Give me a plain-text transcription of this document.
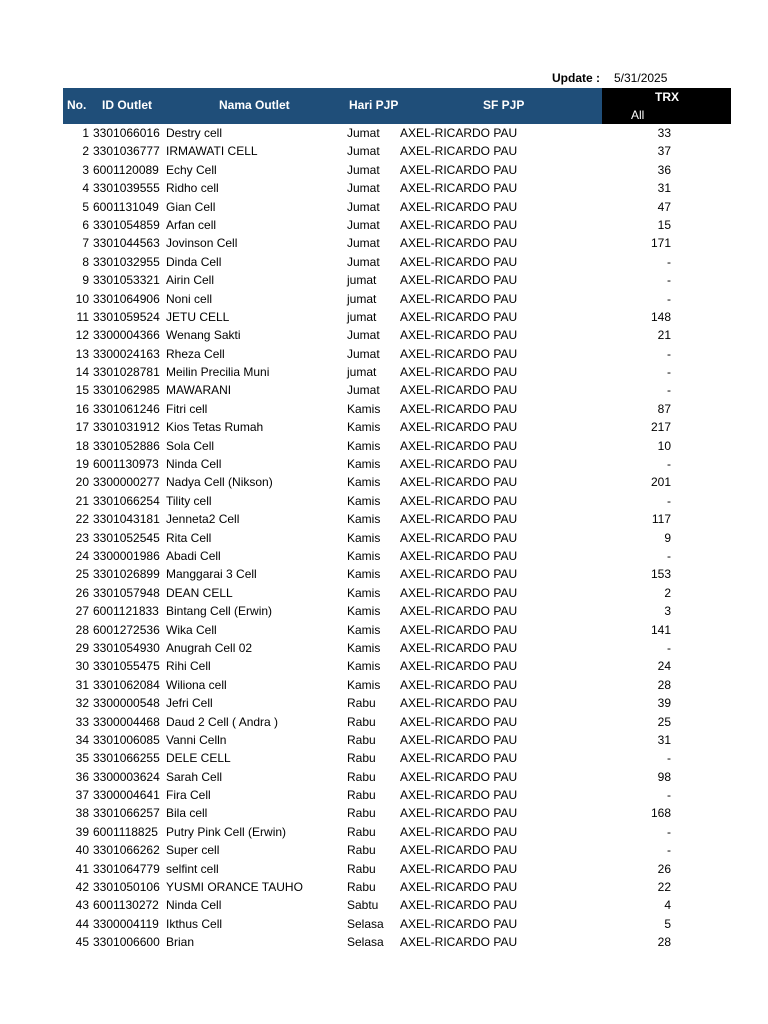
Update : 5/31/2025
No. ID Outlet	Nama Outlet	Hari PJP	SF PJP
TRX
All
1 3301066016 Destry cell	Jumat AXEL-RICARDO PAU	33
2 3301036777 IRMAWATI CELL	Jumat AXEL-RICARDO PAU	37
3 6001120089 Echy Cell	Jumat AXEL-RICARDO PAU	36
4 3301039555 Ridho cell	Jumat AXEL-RICARDO PAU	31
5 6001131049 Gian Cell	Jumat AXEL-RICARDO PAU	47
6 3301054859 Arfan cell	Jumat AXEL-RICARDO PAU	15
7 3301044563 Jovinson Cell	Jumat AXEL-RICARDO PAU	171
8 3301032955 Dinda Cell	Jumat AXEL-RICARDO PAU	-
9 3301053321 Airin Cell	jumat AXEL-RICARDO PAU	-
10 3301064906 Noni cell	jumat AXEL-RICARDO PAU	-
11 3301059524 JETU CELL	jumat AXEL-RICARDO PAU	148
12 3300004366 Wenang Sakti	Jumat AXEL-RICARDO PAU	21
13 3300024163 Rheza Cell	Jumat AXEL-RICARDO PAU	-
14 3301028781 Meilin Precilia Muni	jumat AXEL-RICARDO PAU	-
15 3301062985 MAWARANI	Jumat AXEL-RICARDO PAU	-
16 3301061246 Fitri cell	Kamis AXEL-RICARDO PAU	87
17 3301031912 Kios Tetas Rumah	Kamis AXEL-RICARDO PAU	217
18 3301052886 Sola Cell	Kamis AXEL-RICARDO PAU	10
19 6001130973 Ninda Cell	Kamis AXEL-RICARDO PAU	-
20 3300000277 Nadya Cell (Nikson)	Kamis AXEL-RICARDO PAU	201
21 3301066254 Tility cell	Kamis AXEL-RICARDO PAU	-
22 3301043181 Jenneta2 Cell	Kamis AXEL-RICARDO PAU	117
23 3301052545 Rita Cell	Kamis AXEL-RICARDO PAU	9
24 3300001986 Abadi Cell	Kamis AXEL-RICARDO PAU	-
25 3301026899 Manggarai 3 Cell	Kamis AXEL-RICARDO PAU	153
26 3301057948 DEAN CELL	Kamis AXEL-RICARDO PAU	2
27 6001121833 Bintang Cell (Erwin)	Kamis AXEL-RICARDO PAU	3
28 6001272536 Wika Cell	Kamis AXEL-RICARDO PAU	141
29 3301054930 Anugrah Cell 02	Kamis AXEL-RICARDO PAU	-
30 3301055475 Rihi Cell	Kamis AXEL-RICARDO PAU	24
31 3301062084 Wiliona cell	Kamis AXEL-RICARDO PAU	28
32 3300000548 Jefri Cell	Rabu AXEL-RICARDO PAU	39
33 3300004468 Daud 2 Cell ( Andra )	Rabu AXEL-RICARDO PAU	25
34 3301006085 Vanni Celln	Rabu AXEL-RICARDO PAU	31
35 3301066255 DELE CELL	Rabu AXEL-RICARDO PAU	-
36 3300003624 Sarah Cell	Rabu AXEL-RICARDO PAU	98
37 3300004641 Fira Cell	Rabu AXEL-RICARDO PAU	-
38 3301066257 Bila cell	Rabu AXEL-RICARDO PAU	168
39 6001118825 Putry Pink Cell (Erwin)	Rabu AXEL-RICARDO PAU	-
40 3301066262 Super cell	Rabu AXEL-RICARDO PAU	-
41 3301064779 selfint cell	Rabu AXEL-RICARDO PAU	26
42 3301050106 YUSMI ORANCE TAUHO	Rabu AXEL-RICARDO PAU	22
43 6001130272 Ninda Cell	Sabtu AXEL-RICARDO PAU	4
44 3300004119 Ikthus Cell	Selasa AXEL-RICARDO PAU	5
45 3301006600 Brian	Selasa AXEL-RICARDO PAU	28
